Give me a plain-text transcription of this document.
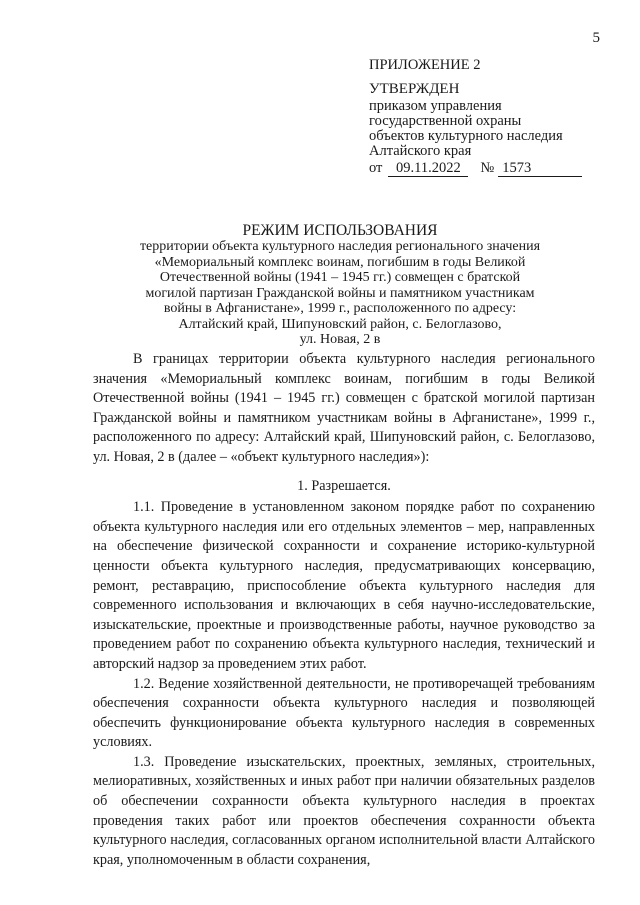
5
ПРИЛОЖЕНИЕ 2
УТВЕРЖДЕН
приказом управления
государственной охраны
объектов культурного наследия
Алтайского края
от 09.11.2022 № 1573
РЕЖИМ ИСПОЛЬЗОВАНИЯ
территории объекта культурного наследия регионального значения
«Мемориальный комплекс воинам, погибшим в годы Великой
Отечественной войны (1941 – 1945 гг.) совмещен с братской
могилой партизан Гражданской войны и памятником участникам
войны в Афганистане», 1999 г., расположенного по адресу:
Алтайский край, Шипуновский район, с. Белоглазово,
ул. Новая, 2 в

В границах территории объекта культурного наследия регионального значения «Мемориальный комплекс воинам, погибшим в годы Великой Отечественной войны (1941 – 1945 гг.) совмещен с братской могилой партизан Гражданской войны и памятником участникам войны в Афганистане», 1999 г., расположенного по адресу: Алтайский край, Шипуновский район, с. Белоглазово, ул. Новая, 2 в (далее – «объект культурного наследия»):

1. Разрешается.

1.1. Проведение в установленном законом порядке работ по сохранению объекта культурного наследия или его отдельных элементов – мер, направленных на обеспечение физической сохранности и сохранение историко-культурной ценности объекта культурного наследия, предусматривающих консервацию, ремонт, реставрацию, приспособление объекта культурного наследия для современного использования и включающих в себя научно-исследовательские, изыскательские, проектные и производственные работы, научное руководство за проведением работ по сохранению объекта культурного наследия, технический и авторский надзор за проведением этих работ.

1.2. Ведение хозяйственной деятельности, не противоречащей требованиям обеспечения сохранности объекта культурного наследия и позволяющей обеспечить функционирование объекта культурного наследия в современных условиях.

1.3. Проведение изыскательских, проектных, земляных, строительных, мелиоративных, хозяйственных и иных работ при наличии обязательных разделов об обеспечении сохранности объекта культурного наследия в проектах проведения таких работ или проектов обеспечения сохранности объекта культурного наследия, согласованных органом исполнительной власти Алтайского края, уполномоченным в области сохранения,
